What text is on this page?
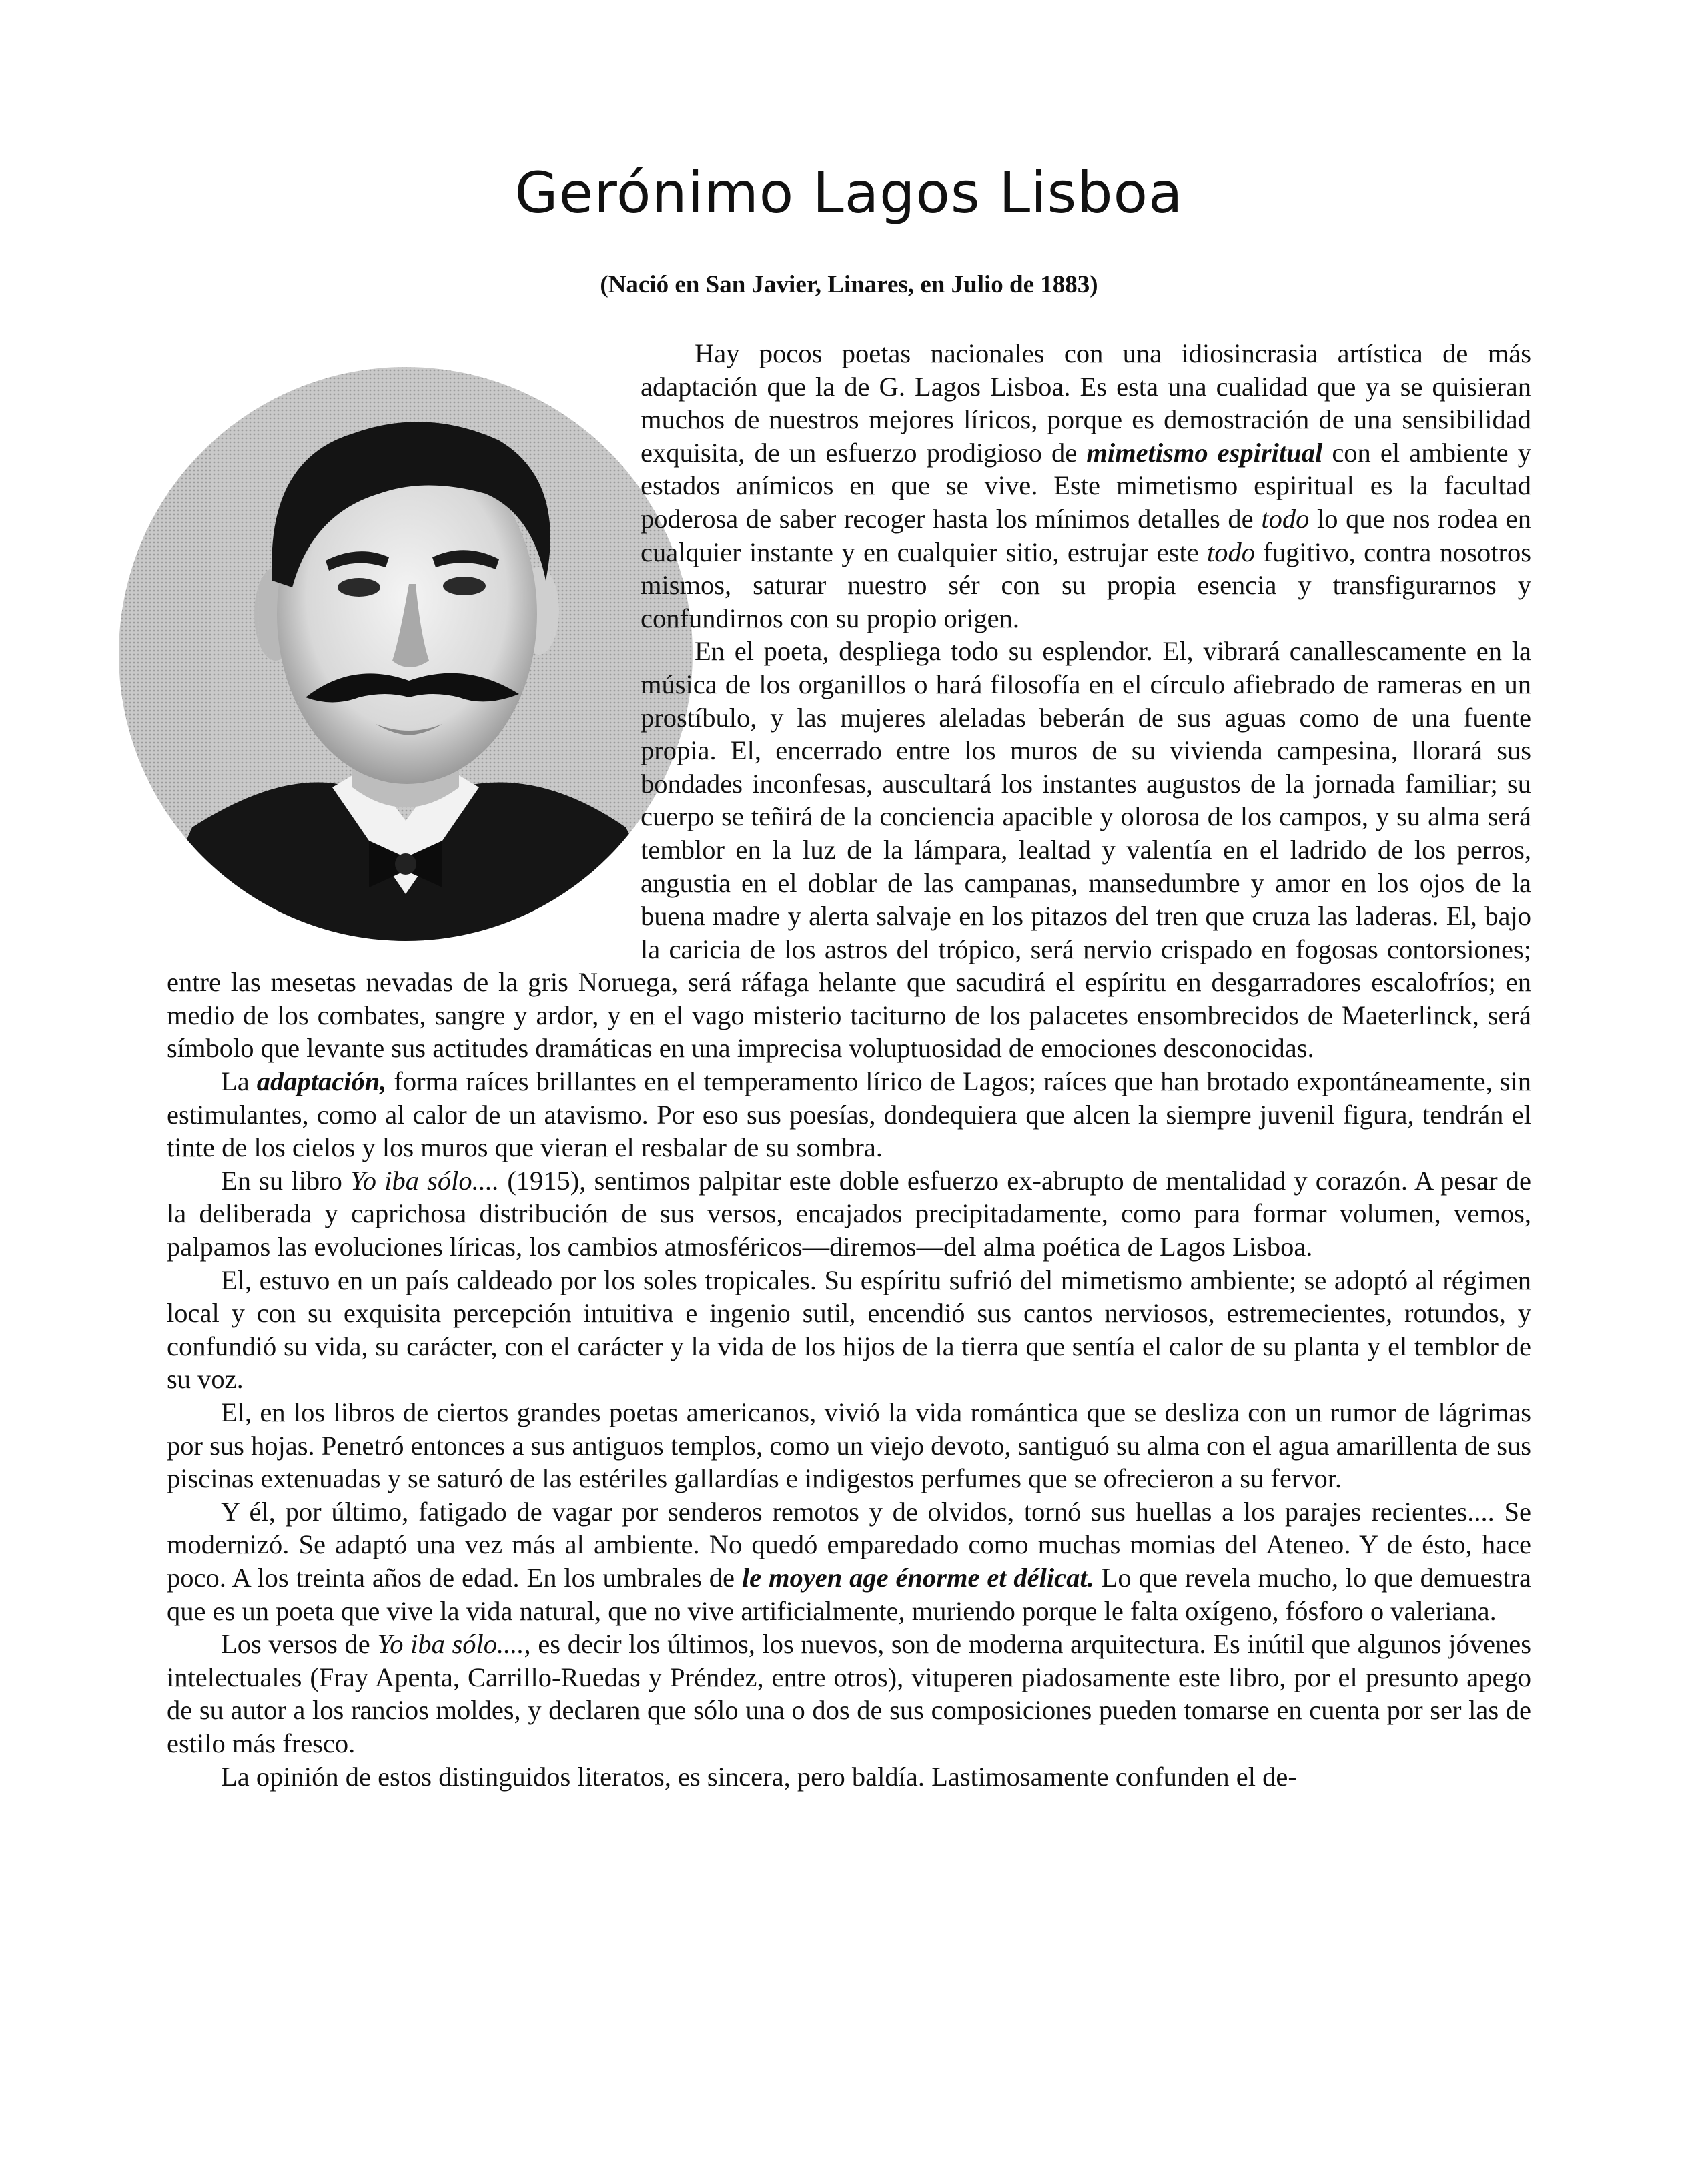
Gerónimo Lagos Lisboa

(Nació en San Javier, Linares, en Julio de 1883)

Hay pocos poetas nacionales con una idiosincrasia artística de más adaptación que la de G. Lagos Lisboa. Es esta una cualidad que ya se quisieran muchos de nuestros mejores líricos, porque es demostración de una sensibilidad exquisita, de un esfuerzo prodigioso de mimetismo espiritual con el ambiente y estados anímicos en que se vive. Este mimetismo espiritual es la facultad poderosa de saber recoger hasta los mínimos detalles de todo lo que nos rodea en cualquier instante y en cualquier sitio, estrujar este todo fugitivo, contra nosotros mismos, saturar nuestro sér con su propia esencia y transfigurarnos y confundirnos con su propio origen.

En el poeta, despliega todo su esplendor. El, vibrará canallescamente en la música de los organillos o hará filosofía en el círculo afiebrado de rameras en un prostíbulo, y las mujeres aleladas beberán de sus aguas como de una fuente propia. El, encerrado entre los muros de su vivienda campesina, llorará sus bondades inconfesas, auscultará los instantes augustos de la jornada familiar; su cuerpo se teñirá de la conciencia apacible y olorosa de los campos, y su alma será temblor en la luz de la lámpara, lealtad y valentía en el ladrido de los perros, angustia en el doblar de las campanas, mansedumbre y amor en los ojos de la buena madre y alerta salvaje en los pitazos del tren que cruza las laderas. El, bajo la caricia de los astros del trópico, será nervio crispado en fogosas contorsiones; entre las mesetas nevadas de la gris Noruega, será ráfaga helante que sacudirá el espíritu en desgarradores escalofríos; en medio de los combates, sangre y ardor, y en el vago misterio taciturno de los palacetes ensombrecidos de Maeterlinck, será símbolo que levante sus actitudes dramáticas en una imprecisa voluptuosidad de emociones desconocidas.

La adaptación, forma raíces brillantes en el temperamento lírico de Lagos; raíces que han brotado expontáneamente, sin estimulantes, como al calor de un atavismo. Por eso sus poesías, dondequiera que alcen la siempre juvenil figura, tendrán el tinte de los cielos y los muros que vieran el resbalar de su sombra.

En su libro Yo iba sólo.... (1915), sentimos palpitar este doble esfuerzo ex-abrupto de mentalidad y corazón. A pesar de la deliberada y caprichosa distribución de sus versos, encajados precipitadamente, como para formar volumen, vemos, palpamos las evoluciones líricas, los cambios atmosféricos—diremos—del alma poética de Lagos Lisboa.

El, estuvo en un país caldeado por los soles tropicales. Su espíritu sufrió del mimetismo ambiente; se adoptó al régimen local y con su exquisita percepción intuitiva e ingenio sutil, encendió sus cantos nerviosos, estremecientes, rotundos, y confundió su vida, su carácter, con el carácter y la vida de los hijos de la tierra que sentía el calor de su planta y el temblor de su voz.

El, en los libros de ciertos grandes poetas americanos, vivió la vida romántica que se desliza con un rumor de lágrimas por sus hojas. Penetró entonces a sus antiguos templos, como un viejo devoto, santiguó su alma con el agua amarillenta de sus piscinas extenuadas y se saturó de las estériles gallardías e indigestos perfumes que se ofrecieron a su fervor.

Y él, por último, fatigado de vagar por senderos remotos y de olvidos, tornó sus huellas a los parajes recientes.... Se modernizó. Se adaptó una vez más al ambiente. No quedó emparedado como muchas momias del Ateneo. Y de ésto, hace poco. A los treinta años de edad. En los umbrales de le moyen age énorme et délicat. Lo que revela mucho, lo que demuestra que es un poeta que vive la vida natural, que no vive artificialmente, muriendo porque le falta oxígeno, fósforo o valeriana.

Los versos de Yo iba sólo...., es decir los últimos, los nuevos, son de moderna arquitectura. Es inútil que algunos jóvenes intelectuales (Fray Apenta, Carrillo-Ruedas y Préndez, entre otros), vituperen piadosamente este libro, por el presunto apego de su autor a los rancios moldes, y declaren que sólo una o dos de sus composiciones pueden tomarse en cuenta por ser las de estilo más fresco.

La opinión de estos distinguidos literatos, es sincera, pero baldía. Lastimosamente confunden el de-
